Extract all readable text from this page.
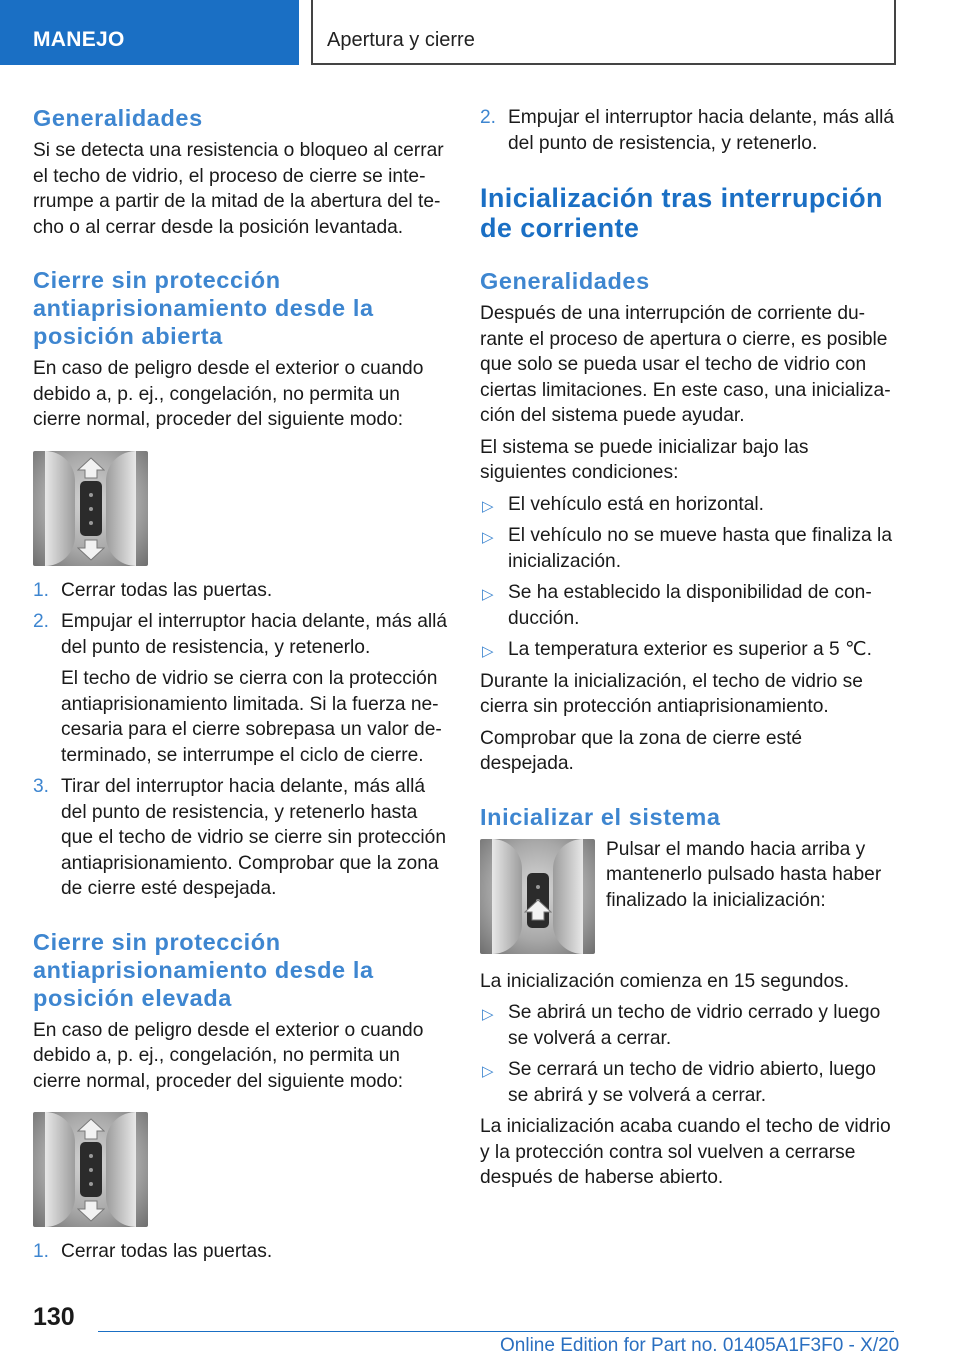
MANEJO	Apertura y cierre
Generalidades

Si se detecta una resistencia o bloqueo al cerrar el techo de vidrio, el proceso de cierre se interrumpe a partir de la mitad de la abertura del techo o al cerrar desde la posición levantada.

Cierre sin protección antiaprisionamiento desde la posición abierta

En caso de peligro desde el exterior o cuando debido a, p. ej., congelación, no permita un cierre normal, proceder del siguiente modo:

1. Cerrar todas las puertas.
2. Empujar el interruptor hacia delante, más allá del punto de resistencia, y retenerlo.

El techo de vidrio se cierra con la protección antiaprisionamiento limitada. Si la fuerza necesaria para el cierre sobrepasa un valor determinado, se interrumpe el ciclo de cierre.

3. Tirar del interruptor hacia delante, más allá del punto de resistencia, y retenerlo hasta que el techo de vidrio se cierre sin protección antiaprisionamiento. Comprobar que la zona de cierre esté despejada.
Cierre sin protección antiaprisionamiento desde la posición elevada

En caso de peligro desde el exterior o cuando debido a, p. ej., congelación, no permita un cierre normal, proceder del siguiente modo:

1. Cerrar todas las puertas.
2. Empujar el interruptor hacia delante, más allá del punto de resistencia, y retenerlo.
Inicialización tras interrupción de corriente
Generalidades

Después de una interrupción de corriente durante el proceso de apertura o cierre, es posible que solo se pueda usar el techo de vidrio con ciertas limitaciones. En este caso, una inicialización del sistema puede ayudar.

El sistema se puede inicializar bajo las siguientes condiciones:

▷ El vehículo está en horizontal.
▷ El vehículo no se mueve hasta que finaliza la inicialización.
▷ Se ha establecido la disponibilidad de conducción.
▷ La temperatura exterior es superior a 5 ℃.

Durante la inicialización, el techo de vidrio se cierra sin protección antiaprisionamiento.

Comprobar que la zona de cierre esté despejada.

Inicializar el sistema

Pulsar el mando hacia arriba y mantenerlo pulsado hasta haber finalizado la inicialización:

La inicialización comienza en 15 segundos.

▷ Se abrirá un techo de vidrio cerrado y luego se volverá a cerrar.
▷ Se cerrará un techo de vidrio abierto, luego se abrirá y se volverá a cerrar.

La inicialización acaba cuando el techo de vidrio y la protección contra sol vuelven a cerrarse después de haberse abierto.

130
Online Edition for Part no. 01405A1F3F0 - X/20
